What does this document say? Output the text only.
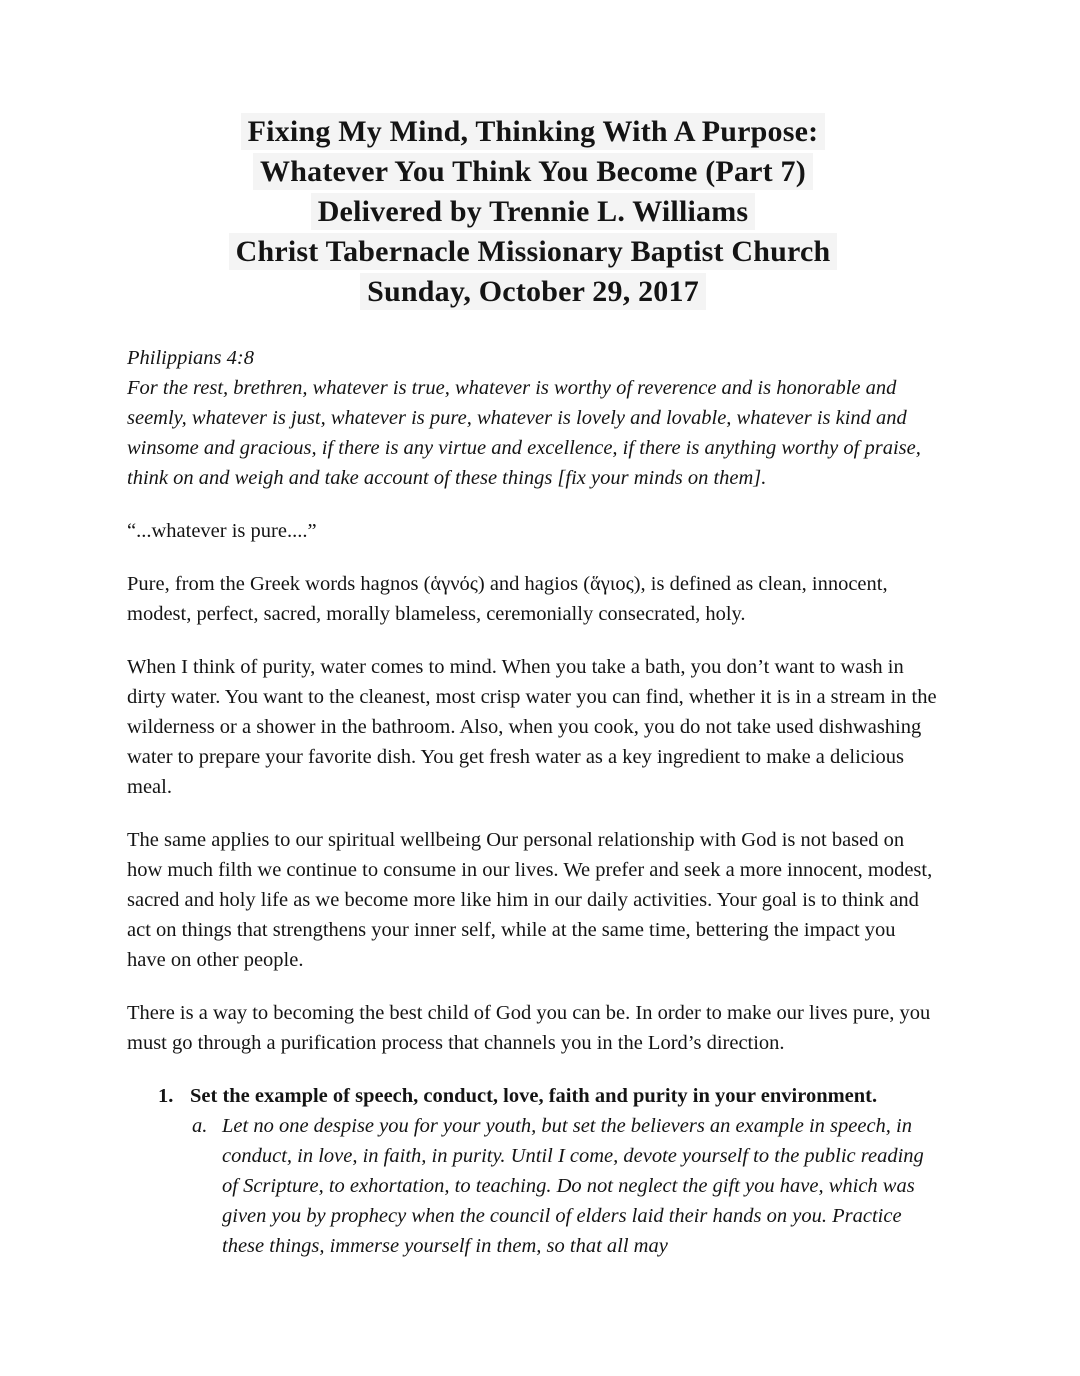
Fixing My Mind, Thinking With A Purpose:
Whatever You Think You Become (Part 7)
Delivered by Trennie L. Williams
Christ Tabernacle Missionary Baptist Church
Sunday, October 29, 2017

Philippians 4:8
For the rest, brethren, whatever is true, whatever is worthy of reverence and is honorable and seemly, whatever is just, whatever is pure, whatever is lovely and lovable, whatever is kind and winsome and gracious, if there is any virtue and excellence, if there is anything worthy of praise, think on and weigh and take account of these things [fix your minds on them].

“...whatever is pure....”

Pure, from the Greek words hagnos (ἁγνός) and hagios (ἅγιος), is defined as clean, innocent, modest, perfect, sacred, morally blameless, ceremonially consecrated, holy.

When I think of purity, water comes to mind. When you take a bath, you don’t want to wash in dirty water. You want to the cleanest, most crisp water you can find, whether it is in a stream in the wilderness or a shower in the bathroom. Also, when you cook, you do not take used dishwashing water to prepare your favorite dish. You get fresh water as a key ingredient to make a delicious meal.

The same applies to our spiritual wellbeing Our personal relationship with God is not based on how much filth we continue to consume in our lives. We prefer and seek a more innocent, modest, sacred and holy life as we become more like him in our daily activities. Your goal is to think and act on things that strengthens your inner self, while at the same time, bettering the impact you have on other people.

There is a way to becoming the best child of God you can be. In order to make our lives pure, you must go through a purification process that channels you in the Lord’s direction.

1. Set the example of speech, conduct, love, faith and purity in your environment.
a. Let no one despise you for your youth, but set the believers an example in speech, in conduct, in love, in faith, in purity. Until I come, devote yourself to the public reading of Scripture, to exhortation, to teaching. Do not neglect the gift you have, which was given you by prophecy when the council of elders laid their hands on you. Practice these things, immerse yourself in them, so that all may
